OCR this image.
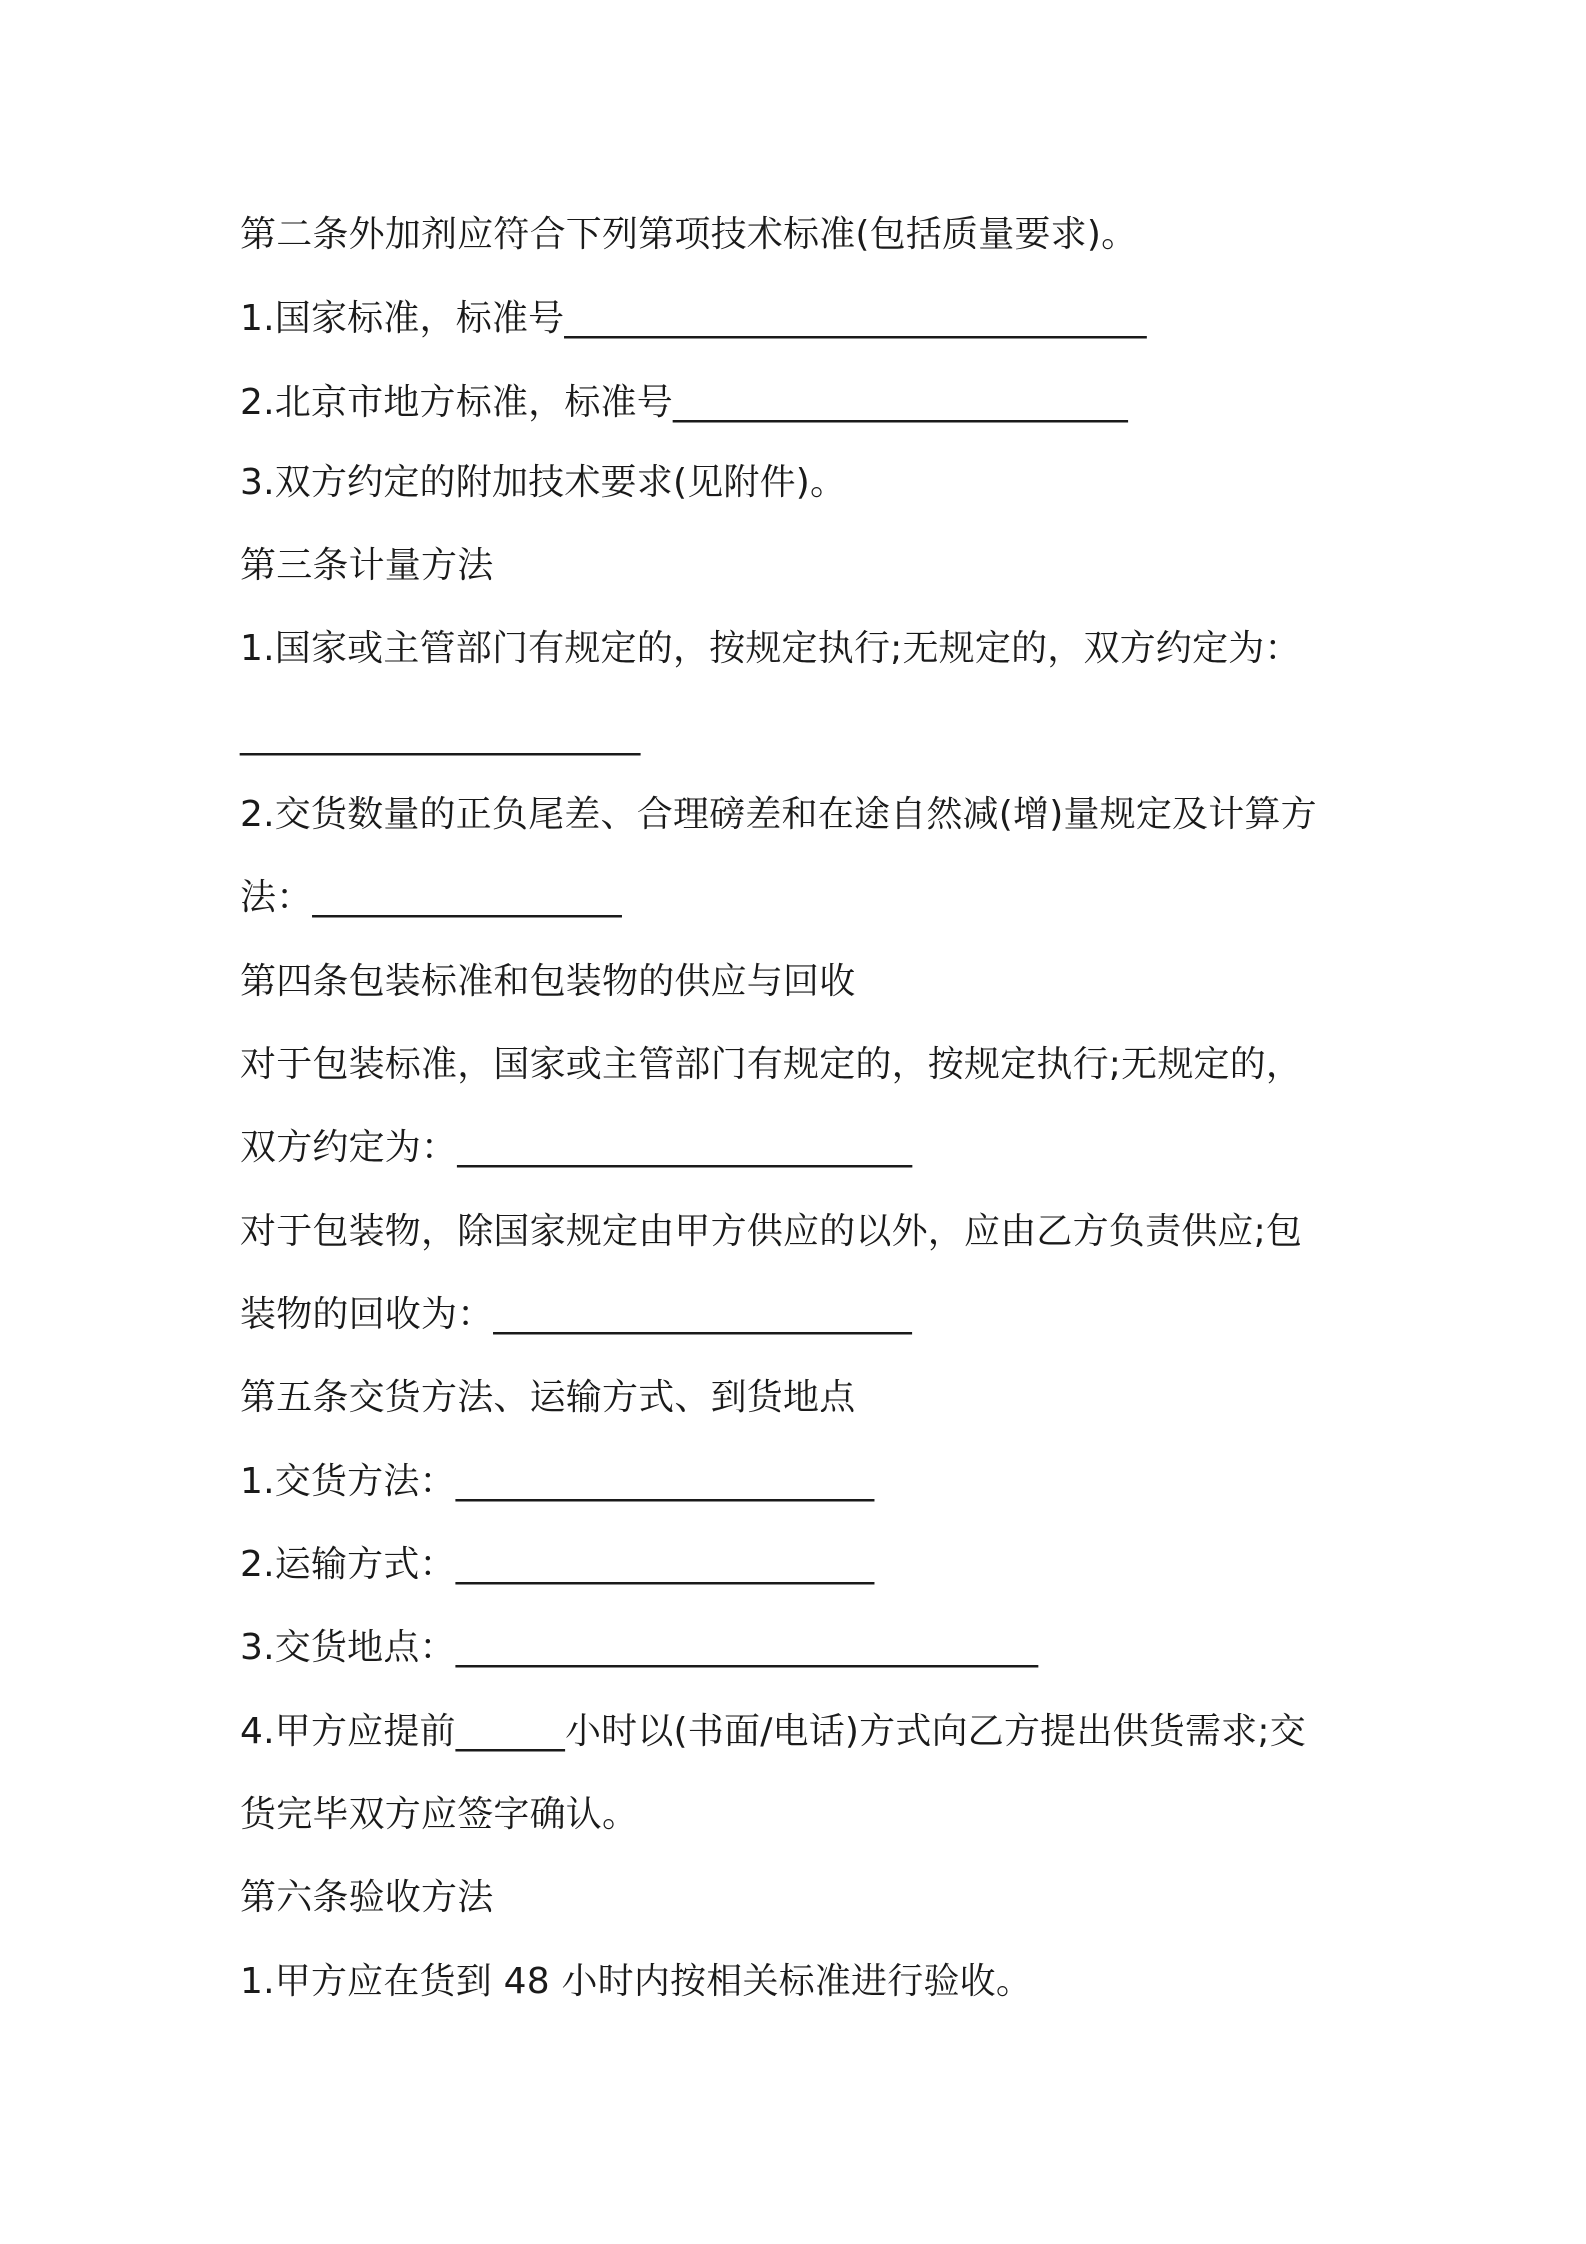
第二条外加剂应符合下列第项技术标准(包括质量要求)。

1.国家标准，标准号________________________________

2.北京市地方标准，标准号_________________________

3.双方约定的附加技术要求(见附件)。

第三条计量方法

1.国家或主管部门有规定的，按规定执行;无规定的，双方约定为：

______________________

2.交货数量的正负尾差、合理磅差和在途自然减(增)量规定及计算方

法：_________________

第四条包装标准和包装物的供应与回收

对于包装标准，国家或主管部门有规定的，按规定执行;无规定的，

双方约定为：_________________________

对于包装物，除国家规定由甲方供应的以外，应由乙方负责供应;包

装物的回收为：_______________________

第五条交货方法、运输方式、到货地点

1.交货方法：_______________________

2.运输方式：_______________________

3.交货地点：________________________________

4.甲方应提前______小时以(书面/电话)方式向乙方提出供货需求;交

货完毕双方应签字确认。

第六条验收方法

1.甲方应在货到 48 小时内按相关标准进行验收。
